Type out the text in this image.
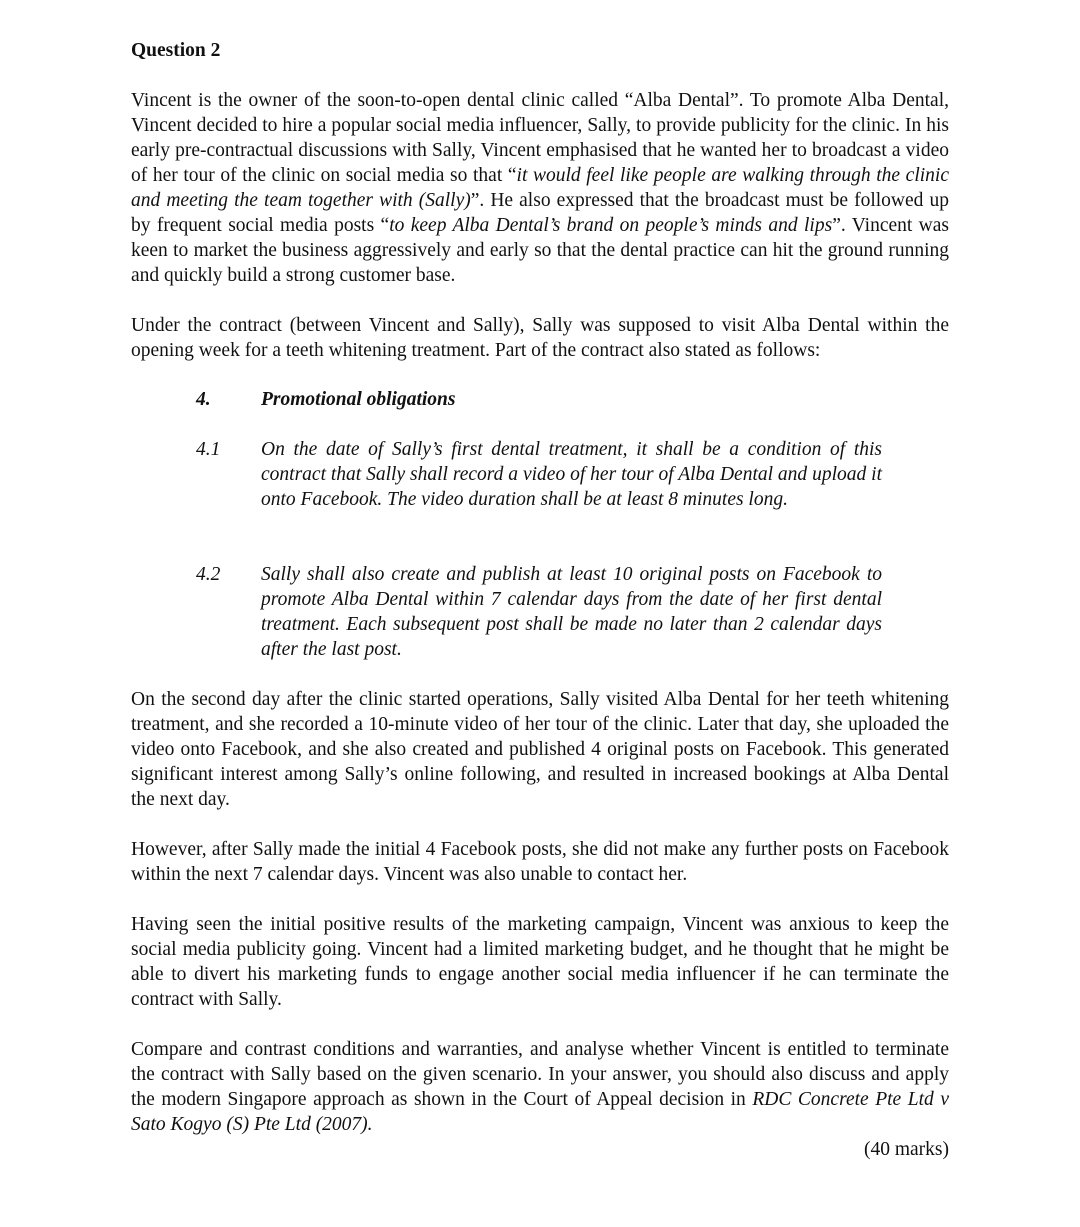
Question 2

Vincent is the owner of the soon-to-open dental clinic called “Alba Dental”. To promote Alba Dental, Vincent decided to hire a popular social media influencer, Sally, to provide publicity for the clinic. In his early pre-contractual discussions with Sally, Vincent emphasised that he wanted her to broadcast a video of her tour of the clinic on social media so that “it would feel like people are walking through the clinic and meeting the team together with (Sally)”. He also expressed that the broadcast must be followed up by frequent social media posts “to keep Alba Dental’s brand on people’s minds and lips”. Vincent was keen to market the business aggressively and early so that the dental practice can hit the ground running and quickly build a strong customer base.

Under the contract (between Vincent and Sally), Sally was supposed to visit Alba Dental within the opening week for a teeth whitening treatment. Part of the contract also stated as follows:

4.	Promotional obligations
4.1 On the date of Sally’s first dental treatment, it shall be a condition of this contract that Sally shall record a video of her tour of Alba Dental and upload it onto Facebook. The video duration shall be at least 8 minutes long.
4.2 Sally shall also create and publish at least 10 original posts on Facebook to promote Alba Dental within 7 calendar days from the date of her first dental treatment. Each subsequent post shall be made no later than 2 calendar days after the last post.

On the second day after the clinic started operations, Sally visited Alba Dental for her teeth whitening treatment, and she recorded a 10-minute video of her tour of the clinic. Later that day, she uploaded the video onto Facebook, and she also created and published 4 original posts on Facebook. This generated significant interest among Sally’s online following, and resulted in increased bookings at Alba Dental the next day.

However, after Sally made the initial 4 Facebook posts, she did not make any further posts on Facebook within the next 7 calendar days. Vincent was also unable to contact her.

Having seen the initial positive results of the marketing campaign, Vincent was anxious to keep the social media publicity going. Vincent had a limited marketing budget, and he thought that he might be able to divert his marketing funds to engage another social media influencer if he can terminate the contract with Sally.

Compare and contrast conditions and warranties, and analyse whether Vincent is entitled to terminate the contract with Sally based on the given scenario. In your answer, you should also discuss and apply the modern Singapore approach as shown in the Court of Appeal decision in RDC Concrete Pte Ltd v Sato Kogyo (S) Pte Ltd (2007).

(40 marks)
